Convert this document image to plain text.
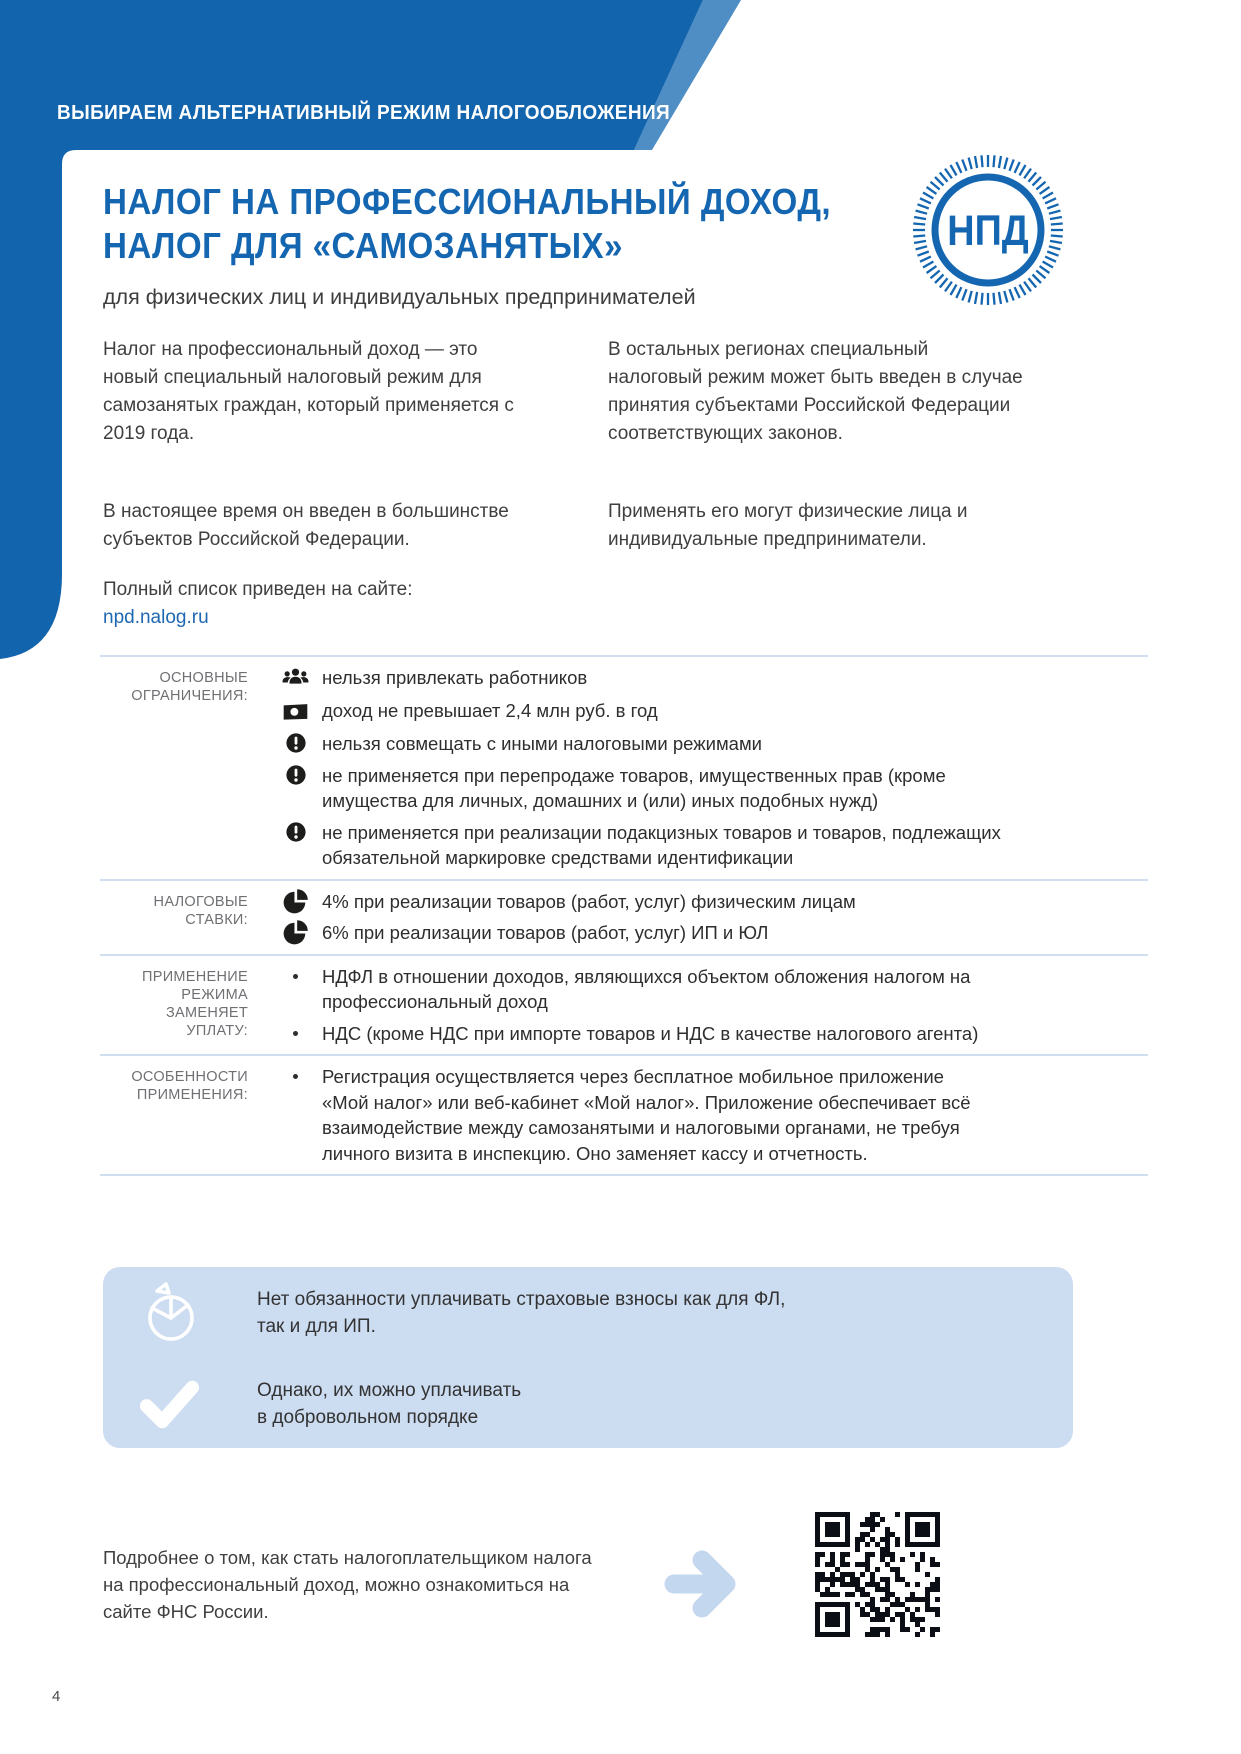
ВЫБИРАЕМ АЛЬТЕРНАТИВНЫЙ РЕЖИМ НАЛОГООБЛОЖЕНИЯ
НАЛОГ НА ПРОФЕССИОНАЛЬНЫЙ ДОХОД,
НАЛОГ ДЛЯ «САМОЗАНЯТЫХ»
для физических лиц и индивидуальных предпринимателей
НПД

Налог на профессиональный доход — это
новый специальный налоговый режим для
самозанятых граждан, который применяется с
2019 года.

В настоящее время он введен в большинстве
субъектов Российской Федерации.

Полный список приведен на сайте:
npd.nalog.ru

В остальных регионах специальный
налоговый режим может быть введен в случае
принятия субъектами Российской Федерации
соответствующих законов.

Применять его могут физические лица и
индивидуальные предприниматели.

ОСНОВНЫЕ
ОГРАНИЧЕНИЯ:
нельзя привлекать работников
доход не превышает 2,4 млн руб. в год
нельзя совмещать с иными налоговыми режимами
не применяется при перепродаже товаров, имущественных прав (кроме
имущества для личных, домашних и (или) иных подобных нужд)
не применяется при реализации подакцизных товаров и товаров, подлежащих
обязательной маркировке средствами идентификации
НАЛОГОВЫЕ
СТАВКИ:
4% при реализации товаров (работ, услуг) физическим лицам
6% при реализации товаров (работ, услуг) ИП и ЮЛ
ПРИМЕНЕНИЕ
РЕЖИМА
ЗАМЕНЯЕТ
УПЛАТУ:
НДФЛ в отношении доходов, являющихся объектом обложения налогом на
профессиональный доход
НДС (кроме НДС при импорте товаров и НДС в качестве налогового агента)
ОСОБЕННОСТИ
ПРИМЕНЕНИЯ:
Регистрация осуществляется через бесплатное мобильное приложение
«Мой налог» или веб-кабинет «Мой налог». Приложение обеспечивает всё
взаимодействие между самозанятыми и налоговыми органами, не требуя
личного визита в инспекцию. Оно заменяет кассу и отчетность.
Нет обязанности уплачивать страховые взносы как для ФЛ,
так и для ИП.
Однако, их можно уплачивать
в добровольном порядке
Подробнее о том, как стать налогоплательщиком налога
на профессиональный доход, можно ознакомиться на
сайте ФНС России.
4
